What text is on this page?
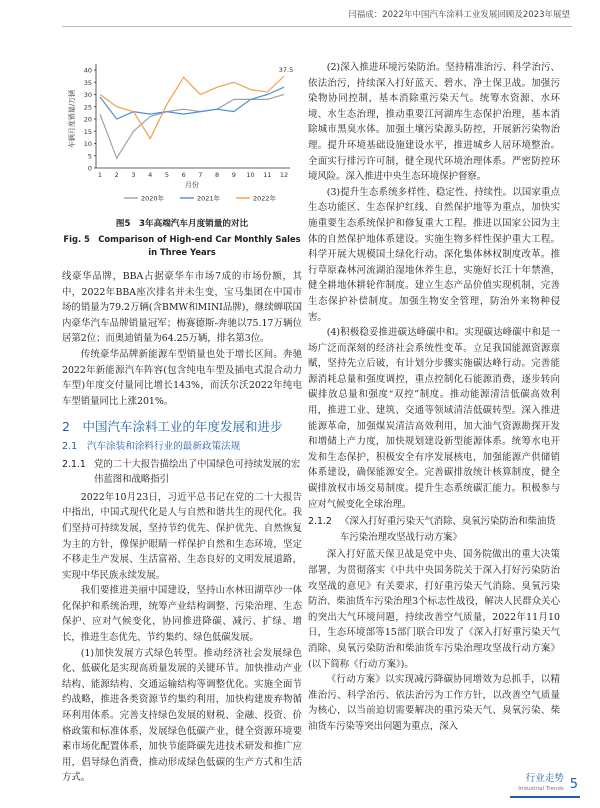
闫福成：2022年中国汽车涂料工业发展回顾及2023年展望
0
5
10
15
20
25
30
35
40
1 2 3 4 5 6 7 8 9 10 11 12
月份
车辆月度销量/万辆
37.5
2020年	2021年	2022年
图5　3年高端汽车月度销量的对比
Fig. 5　Comparison of High-end Car Monthly Sales in Three Years

线豪华品牌，BBA占据豪华车市场7成的市场份额，其中，2022年BBA座次排名并未生变，宝马集团在中国市场的销量为79.2万辆(含BMW和MINI品牌)，继续蝉联国内豪华汽车品牌销量冠军；梅赛德斯-奔驰以75.17万辆位居第2位；而奥迪销量为64.25万辆，排名第3位。

传统豪华品牌新能源车型销量也处于增长区间。奔驰2022年新能源汽车阵容(包含纯电车型及插电式混合动力车型)年度交付量同比增长143%，而沃尔沃2022年纯电车型销量同比上涨201%。

2　中国汽车涂料工业的年度发展和进步
2.1　汽车涂装和涂料行业的最新政策法规
2.1.1 党的二十大报告描绘出了中国绿色可持续发展的宏伟蓝图和战略指引

2022年10月23日，习近平总书记在党的二十大报告中指出，中国式现代化是人与自然和谐共生的现代化。我们坚持可持续发展，坚持节约优先、保护优先、自然恢复为主的方针，像保护眼睛一样保护自然和生态环境，坚定不移走生产发展、生活富裕、生态良好的文明发展道路，实现中华民族永续发展。

我们要推进美丽中国建设，坚持山水林田湖草沙一体化保护和系统治理，统筹产业结构调整、污染治理、生态保护、应对气候变化，协同推进降碳、减污、扩绿、增长，推进生态优先、节约集约、绿色低碳发展。

(1)加快发展方式绿色转型。推动经济社会发展绿色化、低碳化是实现高质量发展的关键环节。加快推动产业结构、能源结构、交通运输结构等调整优化。实施全面节约战略，推进各类资源节约集约利用，加快构建废弃物循环利用体系。完善支持绿色发展的财税、金融、投资、价格政策和标准体系，发展绿色低碳产业，健全资源环境要素市场化配置体系，加快节能降碳先进技术研发和推广应用，倡导绿色消费，推动形成绿色低碳的生产方式和生活方式。

(2)深入推进环境污染防治。坚持精准治污、科学治污、依法治污，持续深入打好蓝天、碧水、净土保卫战。加强污染物协同控制，基本消除重污染天气。统筹水资源、水环境、水生态治理，推动重要江河湖库生态保护治理，基本消除城市黑臭水体。加强土壤污染源头防控，开展新污染物治理。提升环境基础设施建设水平，推进城乡人居环境整治。全面实行排污许可制，健全现代环境治理体系。严密防控环境风险。深入推进中央生态环境保护督察。

(3)提升生态系统多样性、稳定性、持续性。以国家重点生态功能区、生态保护红线、自然保护地等为重点，加快实施重要生态系统保护和修复重大工程。推进以国家公园为主体的自然保护地体系建设。实施生物多样性保护重大工程。科学开展大规模国土绿化行动。深化集体林权制度改革。推行草原森林河流湖泊湿地休养生息，实施好长江十年禁渔，健全耕地休耕轮作制度。建立生态产品价值实现机制，完善生态保护补偿制度。加强生物安全管理，防治外来物种侵害。

(4)积极稳妥推进碳达峰碳中和。实现碳达峰碳中和是一场广泛而深刻的经济社会系统性变革。立足我国能源资源禀赋，坚持先立后破，有计划分步骤实施碳达峰行动。完善能源消耗总量和强度调控，重点控制化石能源消费，逐步转向碳排放总量和强度“双控”制度。推动能源清洁低碳高效利用，推进工业、建筑、交通等领域清洁低碳转型。深入推进能源革命，加强煤炭清洁高效利用，加大油气资源勘探开发和增储上产力度，加快规划建设新型能源体系。统筹水电开发和生态保护，积极安全有序发展核电，加强能源产供储销体系建设，确保能源安全。完善碳排放统计核算制度，健全碳排放权市场交易制度。提升生态系统碳汇能力。积极参与应对气候变化全球治理。

2.1.2 《深入打好重污染天气消除、臭氧污染防治和柴油货车污染治理攻坚战行动方案》

深入打好蓝天保卫战是党中央、国务院做出的重大决策部署，为贯彻落实《中共中央国务院关于深入打好污染防治攻坚战的意见》有关要求，打好重污染天气消除、臭氧污染防治、柴油货车污染治理3个标志性战役，解决人民群众关心的突出大气环境问题，持续改善空气质量，2022年11月10日，生态环境部等15部门联合印发了《深入打好重污染天气消除、臭氧污染防治和柴油货车污染治理攻坚战行动方案》(以下简称《行动方案》)。

《行动方案》以实现减污降碳协同增效为总抓手，以精准治污、科学治污、依法治污为工作方针，以改善空气质量为核心，以当前迫切需要解决的重污染天气、臭氧污染、柴油货车污染等突出问题为重点，深入

行业走势
Industrial Trends 5
